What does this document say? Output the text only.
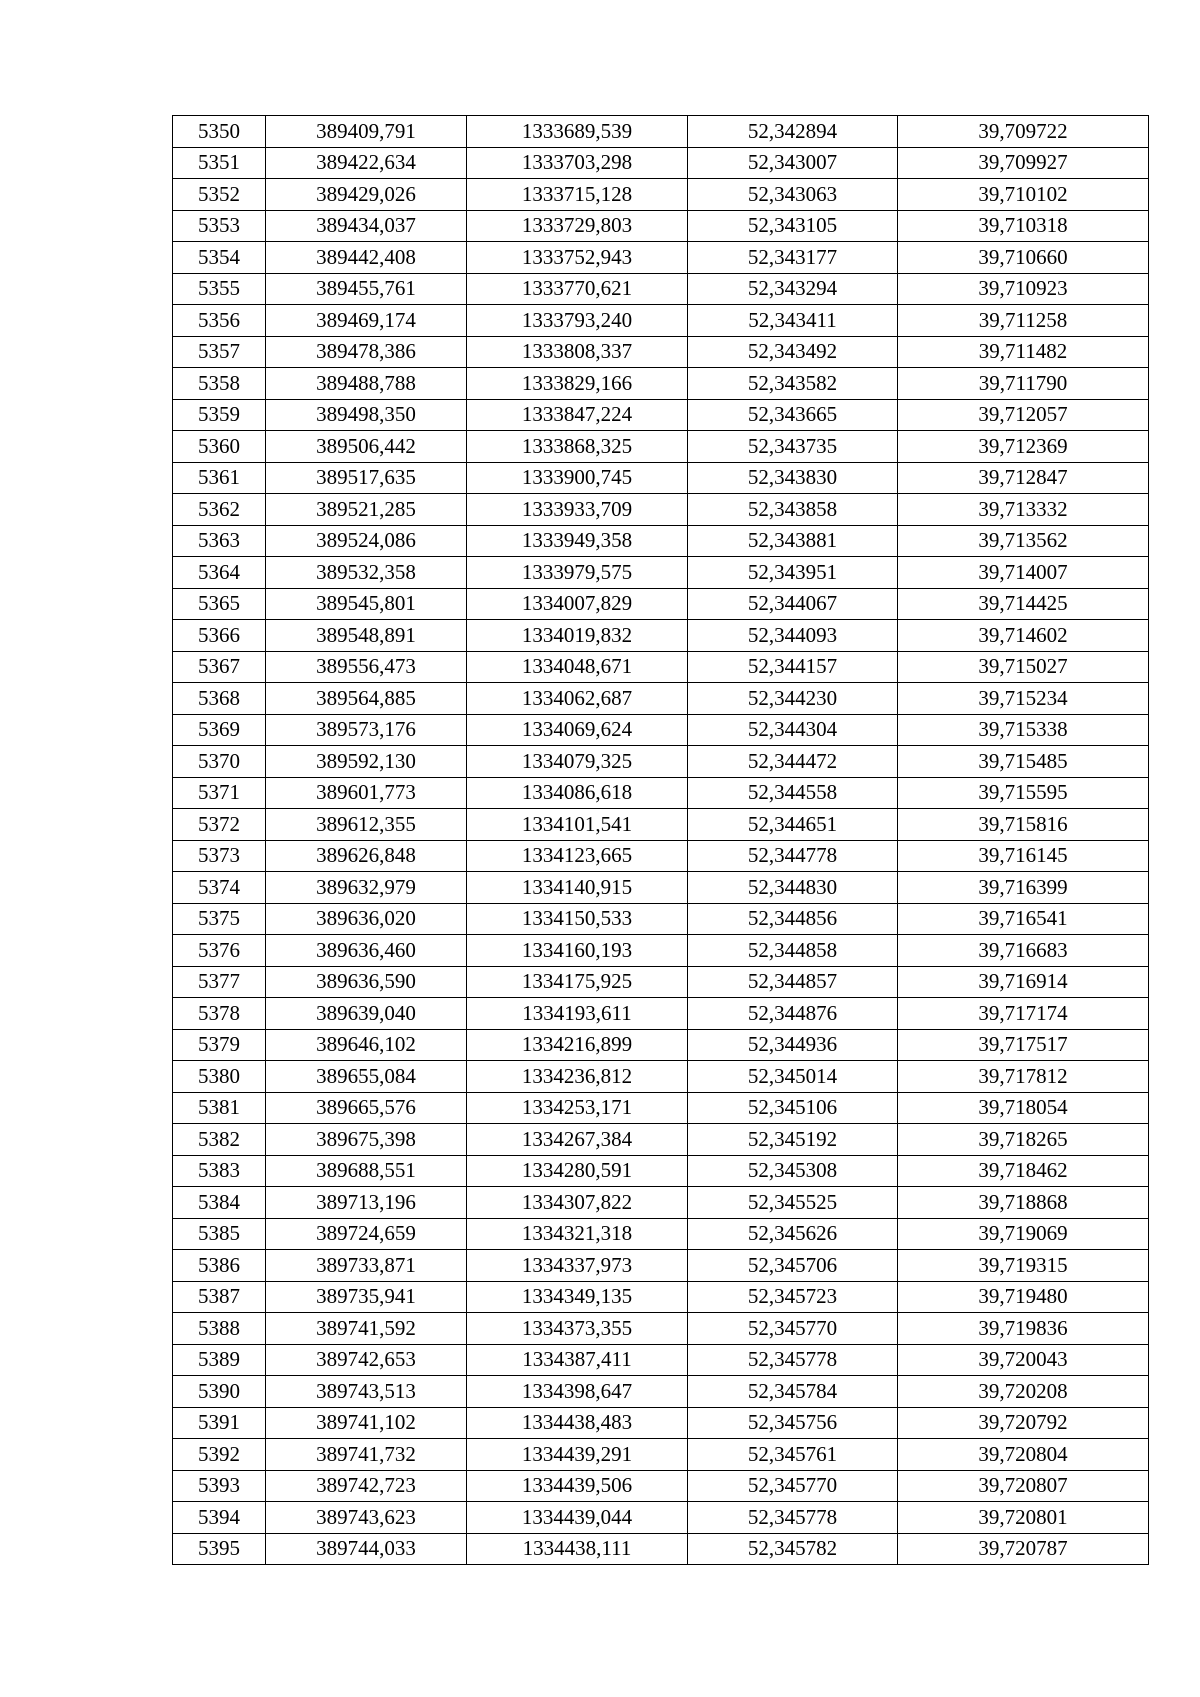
5350	389409,791	1333689,539	52,342894	39,709722
5351	389422,634	1333703,298	52,343007	39,709927
5352	389429,026	1333715,128	52,343063	39,710102
5353	389434,037	1333729,803	52,343105	39,710318
5354	389442,408	1333752,943	52,343177	39,710660
5355	389455,761	1333770,621	52,343294	39,710923
5356	389469,174	1333793,240	52,343411	39,711258
5357	389478,386	1333808,337	52,343492	39,711482
5358	389488,788	1333829,166	52,343582	39,711790
5359	389498,350	1333847,224	52,343665	39,712057
5360	389506,442	1333868,325	52,343735	39,712369
5361	389517,635	1333900,745	52,343830	39,712847
5362	389521,285	1333933,709	52,343858	39,713332
5363	389524,086	1333949,358	52,343881	39,713562
5364	389532,358	1333979,575	52,343951	39,714007
5365	389545,801	1334007,829	52,344067	39,714425
5366	389548,891	1334019,832	52,344093	39,714602
5367	389556,473	1334048,671	52,344157	39,715027
5368	389564,885	1334062,687	52,344230	39,715234
5369	389573,176	1334069,624	52,344304	39,715338
5370	389592,130	1334079,325	52,344472	39,715485
5371	389601,773	1334086,618	52,344558	39,715595
5372	389612,355	1334101,541	52,344651	39,715816
5373	389626,848	1334123,665	52,344778	39,716145
5374	389632,979	1334140,915	52,344830	39,716399
5375	389636,020	1334150,533	52,344856	39,716541
5376	389636,460	1334160,193	52,344858	39,716683
5377	389636,590	1334175,925	52,344857	39,716914
5378	389639,040	1334193,611	52,344876	39,717174
5379	389646,102	1334216,899	52,344936	39,717517
5380	389655,084	1334236,812	52,345014	39,717812
5381	389665,576	1334253,171	52,345106	39,718054
5382	389675,398	1334267,384	52,345192	39,718265
5383	389688,551	1334280,591	52,345308	39,718462
5384	389713,196	1334307,822	52,345525	39,718868
5385	389724,659	1334321,318	52,345626	39,719069
5386	389733,871	1334337,973	52,345706	39,719315
5387	389735,941	1334349,135	52,345723	39,719480
5388	389741,592	1334373,355	52,345770	39,719836
5389	389742,653	1334387,411	52,345778	39,720043
5390	389743,513	1334398,647	52,345784	39,720208
5391	389741,102	1334438,483	52,345756	39,720792
5392	389741,732	1334439,291	52,345761	39,720804
5393	389742,723	1334439,506	52,345770	39,720807
5394	389743,623	1334439,044	52,345778	39,720801
5395	389744,033	1334438,111	52,345782	39,720787
